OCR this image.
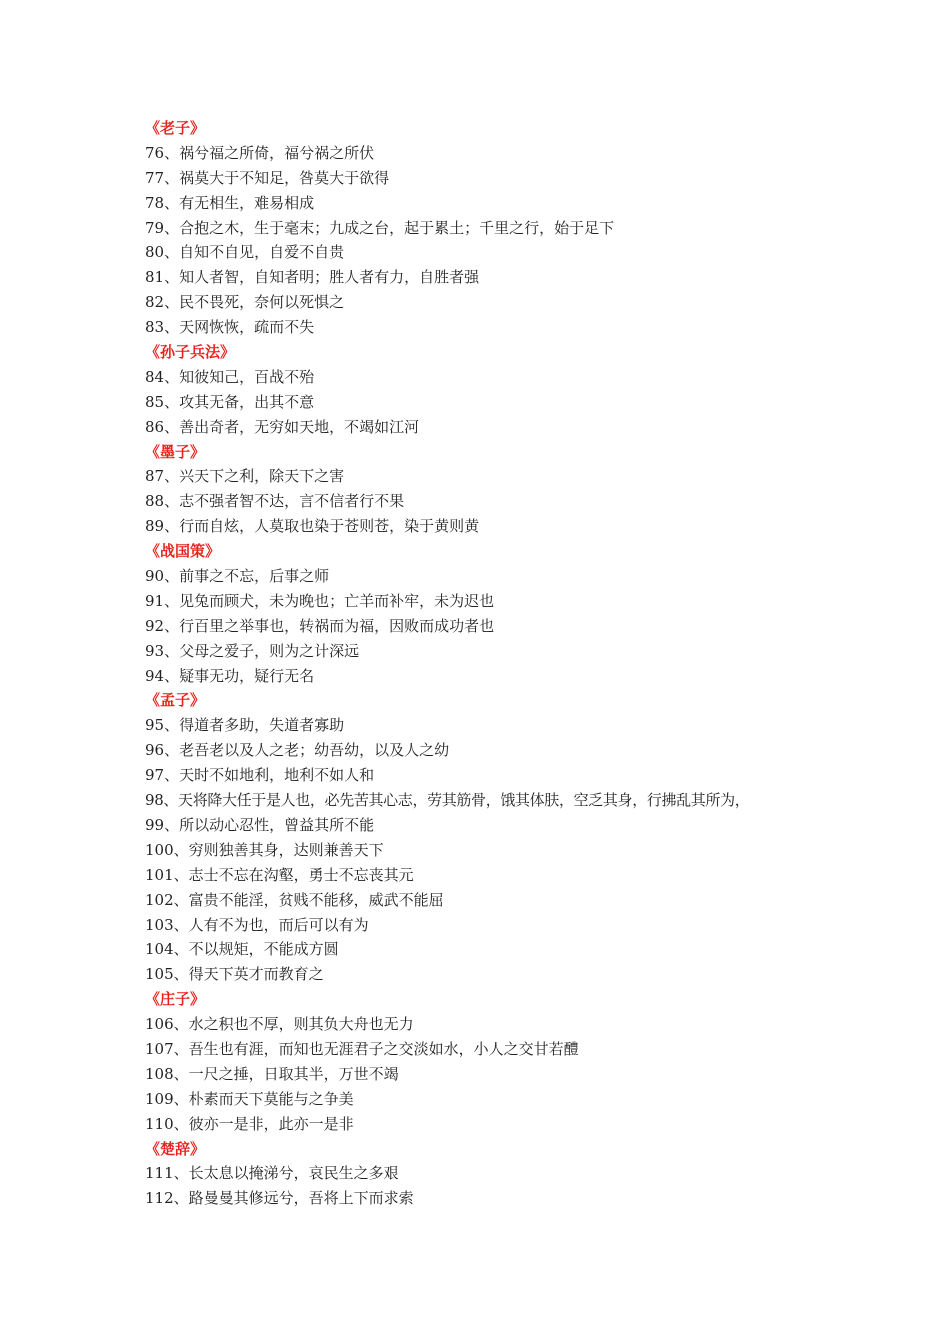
《老子》
76、祸兮福之所倚，福兮祸之所伏
77、祸莫大于不知足，咎莫大于欲得
78、有无相生，难易相成
79、合抱之木，生于毫末；九成之台，起于累土；千里之行，始于足下
80、自知不自见，自爱不自贵
81、知人者智，自知者明；胜人者有力，自胜者强
82、民不畏死，奈何以死惧之
83、天网恢恢，疏而不失
《孙子兵法》
84、知彼知己，百战不殆
85、攻其无备，出其不意
86、善出奇者，无穷如天地，不竭如江河
《墨子》
87、兴天下之利，除天下之害
88、志不强者智不达，言不信者行不果
89、行而自炫，人莫取也染于苍则苍，染于黄则黄
《战国策》
90、前事之不忘，后事之师
91、见兔而顾犬，未为晚也；亡羊而补牢，未为迟也
92、行百里之举事也，转祸而为福，因败而成功者也
93、父母之爱子，则为之计深远
94、疑事无功，疑行无名
《孟子》
95、得道者多助，失道者寡助
96、老吾老以及人之老；幼吾幼，以及人之幼
97、天时不如地利，地利不如人和
98、天将降大任于是人也，必先苦其心志，劳其筋骨，饿其体肤，空乏其身，行拂乱其所为，
99、所以动心忍性，曾益其所不能
100、穷则独善其身，达则兼善天下
101、志士不忘在沟壑，勇士不忘丧其元
102、富贵不能淫，贫贱不能移，威武不能屈
103、人有不为也，而后可以有为
104、不以规矩，不能成方圆
105、得天下英才而教育之
《庄子》
106、水之积也不厚，则其负大舟也无力
107、吾生也有涯，而知也无涯君子之交淡如水，小人之交甘若醴
108、一尺之捶，日取其半，万世不竭
109、朴素而天下莫能与之争美
110、彼亦一是非，此亦一是非
《楚辞》
111、长太息以掩涕兮，哀民生之多艰
112、路曼曼其修远兮，吾将上下而求索
